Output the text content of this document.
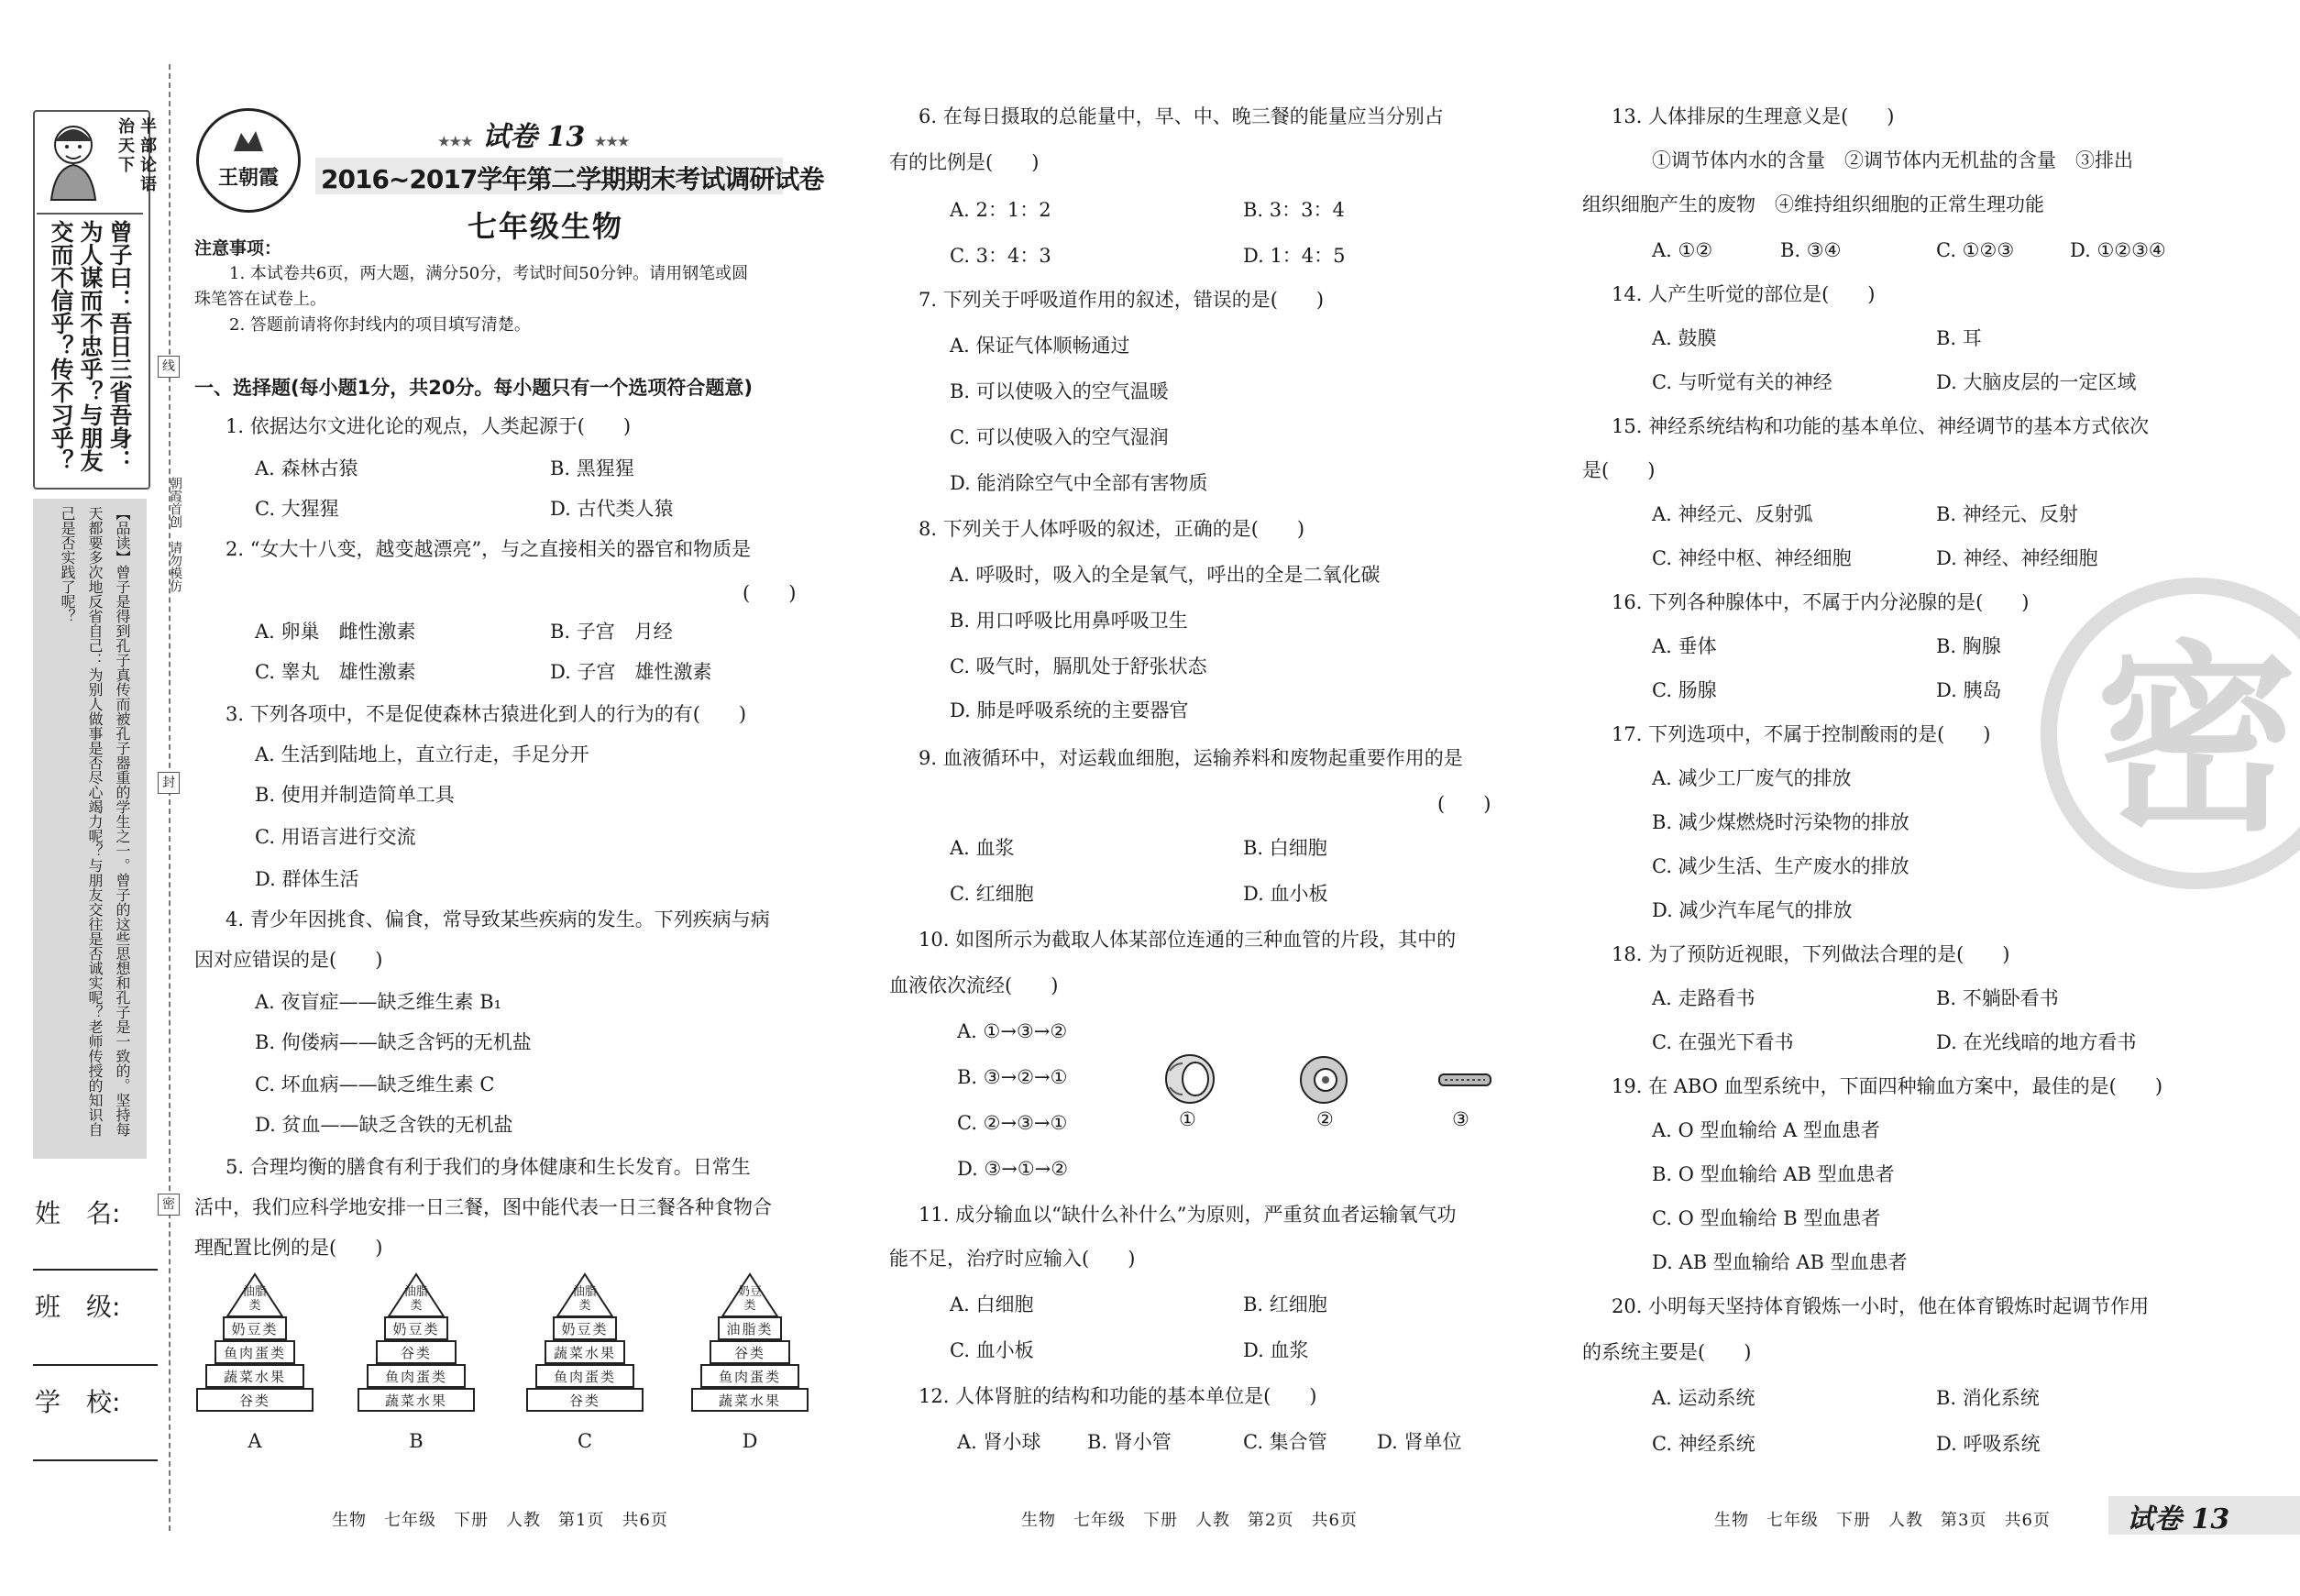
半部论语治天下
曾子曰：吾日三省吾身：为人谋而不忠乎？与朋友交而不信乎？传不习乎？
【品读】曾子是得到孔子真传而被孔子器重的学生之一。曾子的这些思想和孔子是一致的。坚持每天都要多次地反省自己：为别人做事是否尽心竭力呢？与朋友交往是否诚实呢？老师传授的知识自己是否实践了呢？
姓　名:
班　级:
学　校:
线
封
密
朝霞首创　请勿模仿
王朝霞
★★★ 试卷 13 ★★★
2016~2017学年第二学期期末考试调研试卷
七年级生物
注意事项：
1. 本试卷共6页，两大题，满分50分，考试时间50分钟。请用钢笔或圆
珠笔答在试卷上。
2. 答题前请将你封线内的项目填写清楚。
一、选择题(每小题1分，共20分。每小题只有一个选项符合题意)
1. 依据达尔文进化论的观点，人类起源于(　　)
A. 森林古猿	B. 黑猩猩
C. 大猩猩	D. 古代类人猿
2. “女大十八变，越变越漂亮”，与之直接相关的器官和物质是
(　　)
A. 卵巢　雌性激素	B. 子宫　月经
C. 睾丸　雄性激素	D. 子宫　雄性激素
3. 下列各项中，不是促使森林古猿进化到人的行为的有(　　)
A. 生活到陆地上，直立行走，手足分开
B. 使用并制造简单工具
C. 用语言进行交流
D. 群体生活
4. 青少年因挑食、偏食，常导致某些疾病的发生。下列疾病与病
因对应错误的是(　　)
A. 夜盲症——缺乏维生素 B₁
B. 佝偻病——缺乏含钙的无机盐
C. 坏血病——缺乏维生素 C
D. 贫血——缺乏含铁的无机盐
5. 合理均衡的膳食有利于我们的身体健康和生长发育。日常生
活中，我们应科学地安排一日三餐，图中能代表一日三餐各种食物合
理配置比例的是(　　)
油脂类
奶豆类
鱼肉蛋类
蔬菜水果
谷类
A
油脂类
奶豆类
谷类
鱼肉蛋类
蔬菜水果
B
油脂类
奶豆类
蔬菜水果
鱼肉蛋类
谷类
C
奶豆类
油脂类
谷类
鱼肉蛋类
蔬菜水果
D
6. 在每日摄取的总能量中，早、中、晚三餐的能量应当分别占
有的比例是(　　)
A. 2：1：2	B. 3：3：4
C. 3：4：3	D. 1：4：5
7. 下列关于呼吸道作用的叙述，错误的是(　　)
A. 保证气体顺畅通过
B. 可以使吸入的空气温暖
C. 可以使吸入的空气湿润
D. 能消除空气中全部有害物质
8. 下列关于人体呼吸的叙述，正确的是(　　)
A. 呼吸时，吸入的全是氧气，呼出的全是二氧化碳
B. 用口呼吸比用鼻呼吸卫生
C. 吸气时，膈肌处于舒张状态
D. 肺是呼吸系统的主要器官
9. 血液循环中，对运载血细胞，运输养料和废物起重要作用的是
(　　)
A. 血浆	B. 白细胞
C. 红细胞	D. 血小板
10. 如图所示为截取人体某部位连通的三种血管的片段，其中的
血液依次流经(　　)
A. ①→③→②
B. ③→②→①
C. ②→③→①
D. ③→①→②
①	②	③
11. 成分输血以“缺什么补什么”为原则，严重贫血者运输氧气功
能不足，治疗时应输入(　　)
A. 白细胞	B. 红细胞
C. 血小板	D. 血浆
12. 人体肾脏的结构和功能的基本单位是(　　)
A. 肾小球 B. 肾小管	C. 集合管	D. 肾单位
密
13. 人体排尿的生理意义是(　　)
①调节体内水的含量　②调节体内无机盐的含量　③排出
组织细胞产生的废物　④维持组织细胞的正常生理功能
A. ①②	B. ③④	C. ①②③	D. ①②③④
14. 人产生听觉的部位是(　　)
A. 鼓膜	B. 耳
C. 与听觉有关的神经	D. 大脑皮层的一定区域
15. 神经系统结构和功能的基本单位、神经调节的基本方式依次
是(　　)
A. 神经元、反射弧	B. 神经元、反射
C. 神经中枢、神经细胞	D. 神经、神经细胞
16. 下列各种腺体中，不属于内分泌腺的是(　　)
A. 垂体	B. 胸腺
C. 肠腺	D. 胰岛
17. 下列选项中，不属于控制酸雨的是(　　)
A. 减少工厂废气的排放
B. 减少煤燃烧时污染物的排放
C. 减少生活、生产废水的排放
D. 减少汽车尾气的排放
18. 为了预防近视眼，下列做法合理的是(　　)
A. 走路看书	B. 不躺卧看书
C. 在强光下看书	D. 在光线暗的地方看书
19. 在 ABO 血型系统中，下面四种输血方案中，最佳的是(　　)
A. O 型血输给 A 型血患者
B. O 型血输给 AB 型血患者
C. O 型血输给 B 型血患者
D. AB 型血输给 AB 型血患者
20. 小明每天坚持体育锻炼一小时，他在体育锻炼时起调节作用
的系统主要是(　　)
A. 运动系统	B. 消化系统
C. 神经系统	D. 呼吸系统
生物　七年级　下册　人教　第1页　共6页	生物　七年级　下册　人教　第2页　共6页	生物　七年级　下册　人教　第3页　共6页	试卷 13
